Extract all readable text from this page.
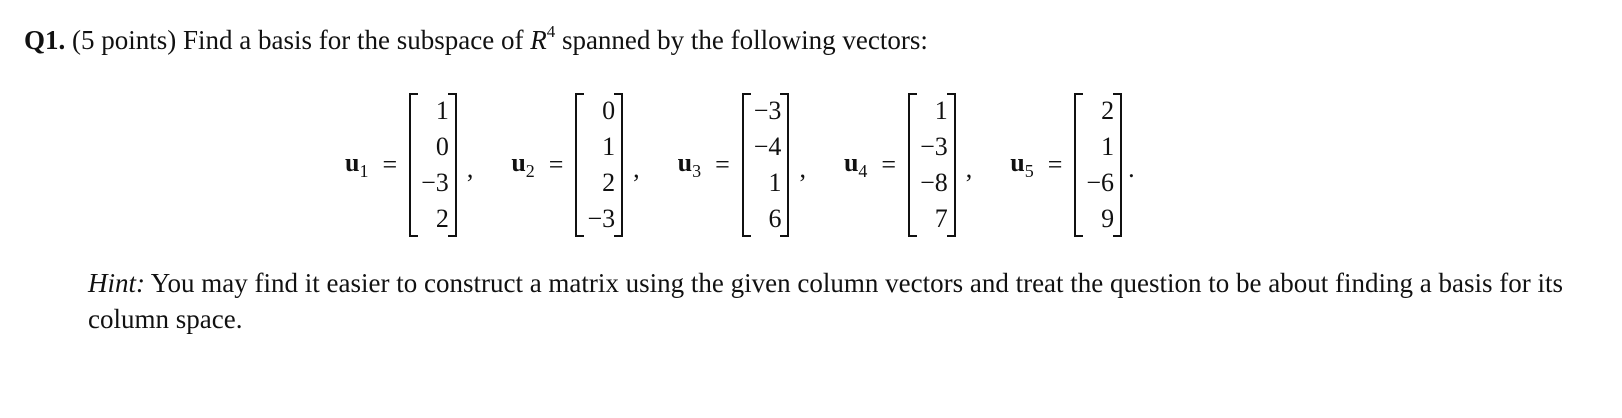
Q1. (5 points) Find a basis for the subspace of $R^4$ spanned by the following vectors:
$u_1$ =
1
0
−3
2
, $u_2$ =
0
1
2
−3
, $u_3$ =
−3
−4
1
6
, $u_4$ =
1
−3
−8
7
, $u_5$ =
2
1
−6
9
.
Hint: You may find it easier to construct a matrix using the given column vectors and treat the question to be about finding a basis for its column space.
